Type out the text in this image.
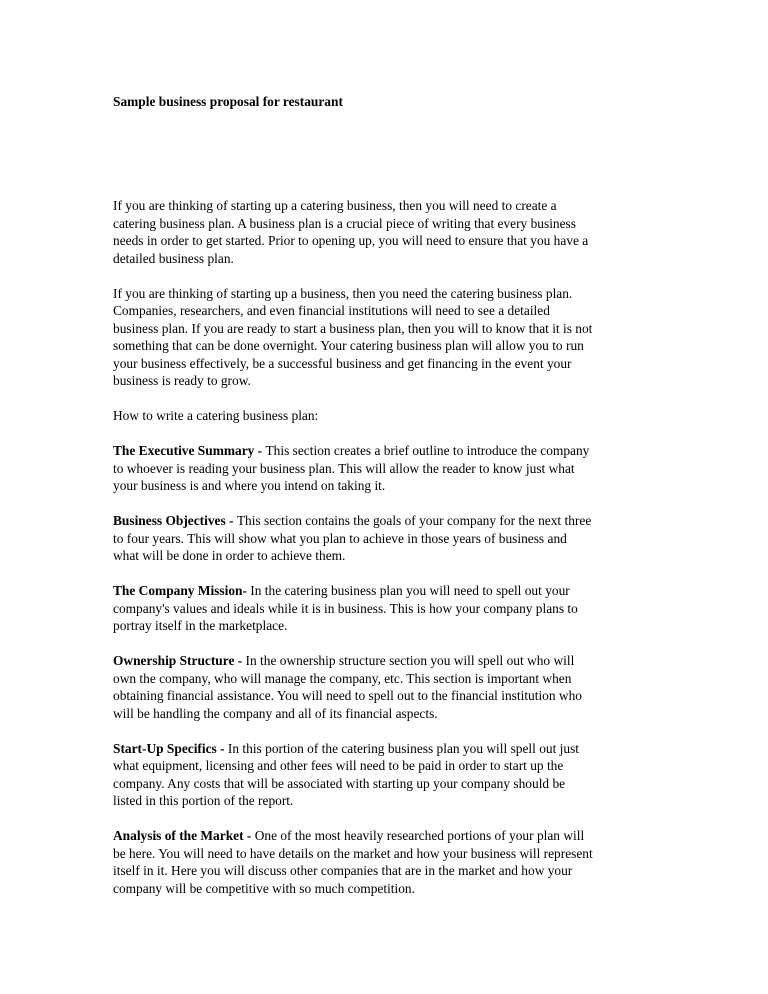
Sample business proposal for restaurant

If you are thinking of starting up a catering business, then you will need to create a
catering business plan. A business plan is a crucial piece of writing that every business
needs in order to get started. Prior to opening up, you will need to ensure that you have a
detailed business plan.

If you are thinking of starting up a business, then you need the catering business plan.
Companies, researchers, and even financial institutions will need to see a detailed
business plan. If you are ready to start a business plan, then you will to know that it is not
something that can be done overnight. Your catering business plan will allow you to run
your business effectively, be a successful business and get financing in the event your
business is ready to grow.

How to write a catering business plan:

The Executive Summary - This section creates a brief outline to introduce the company
to whoever is reading your business plan. This will allow the reader to know just what
your business is and where you intend on taking it.

Business Objectives - This section contains the goals of your company for the next three
to four years. This will show what you plan to achieve in those years of business and
what will be done in order to achieve them.

The Company Mission- In the catering business plan you will need to spell out your
company's values and ideals while it is in business. This is how your company plans to
portray itself in the marketplace.

Ownership Structure - In the ownership structure section you will spell out who will
own the company, who will manage the company, etc. This section is important when
obtaining financial assistance. You will need to spell out to the financial institution who
will be handling the company and all of its financial aspects.

Start-Up Specifics - In this portion of the catering business plan you will spell out just
what equipment, licensing and other fees will need to be paid in order to start up the
company. Any costs that will be associated with starting up your company should be
listed in this portion of the report.

Analysis of the Market - One of the most heavily researched portions of your plan will
be here. You will need to have details on the market and how your business will represent
itself in it. Here you will discuss other companies that are in the market and how your
company will be competitive with so much competition.
